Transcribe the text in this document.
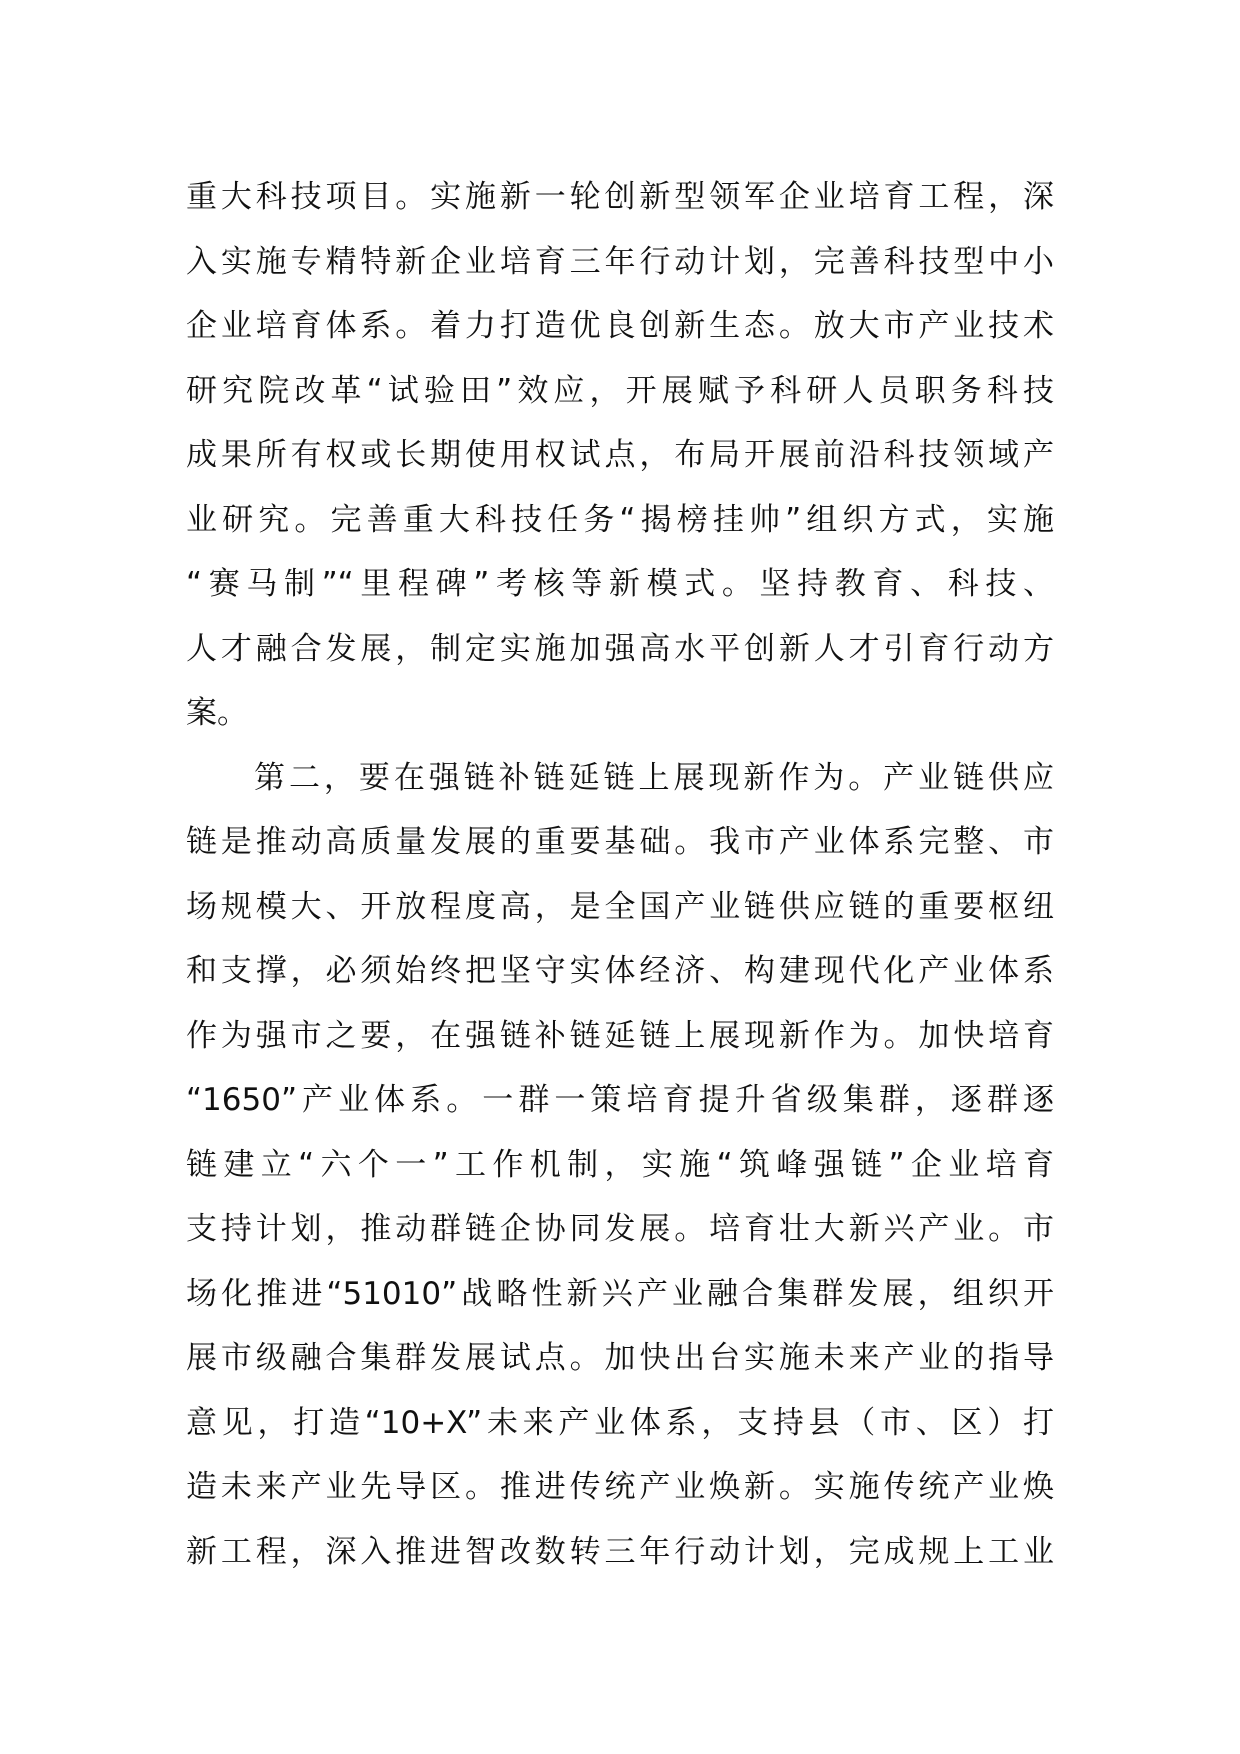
重大科技项目。实施新一轮创新型领军企业培育工程，深
入实施专精特新企业培育三年行动计划，完善科技型中小
企业培育体系。着力打造优良创新生态。放大市产业技术
研究院改革“试验田”效应，开展赋予科研人员职务科技
成果所有权或长期使用权试点，布局开展前沿科技领域产
业研究。完善重大科技任务“揭榜挂帅”组织方式，实施
“赛马制”“里程碑”考核等新模式。坚持教育、科技、
人才融合发展，制定实施加强高水平创新人才引育行动方
案。
第二，要在强链补链延链上展现新作为。产业链供应
链是推动高质量发展的重要基础。我市产业体系完整、市
场规模大、开放程度高，是全国产业链供应链的重要枢纽
和支撑，必须始终把坚守实体经济、构建现代化产业体系
作为强市之要，在强链补链延链上展现新作为。加快培育
“1650”产业体系。一群一策培育提升省级集群，逐群逐
链建立“六个一”工作机制，实施“筑峰强链”企业培育
支持计划，推动群链企协同发展。培育壮大新兴产业。市
场化推进“51010”战略性新兴产业融合集群发展，组织开
展市级融合集群发展试点。加快出台实施未来产业的指导
意见，打造“10+X”未来产业体系，支持县（市、区）打
造未来产业先导区。推进传统产业焕新。实施传统产业焕
新工程，深入推进智改数转三年行动计划，完成规上工业
